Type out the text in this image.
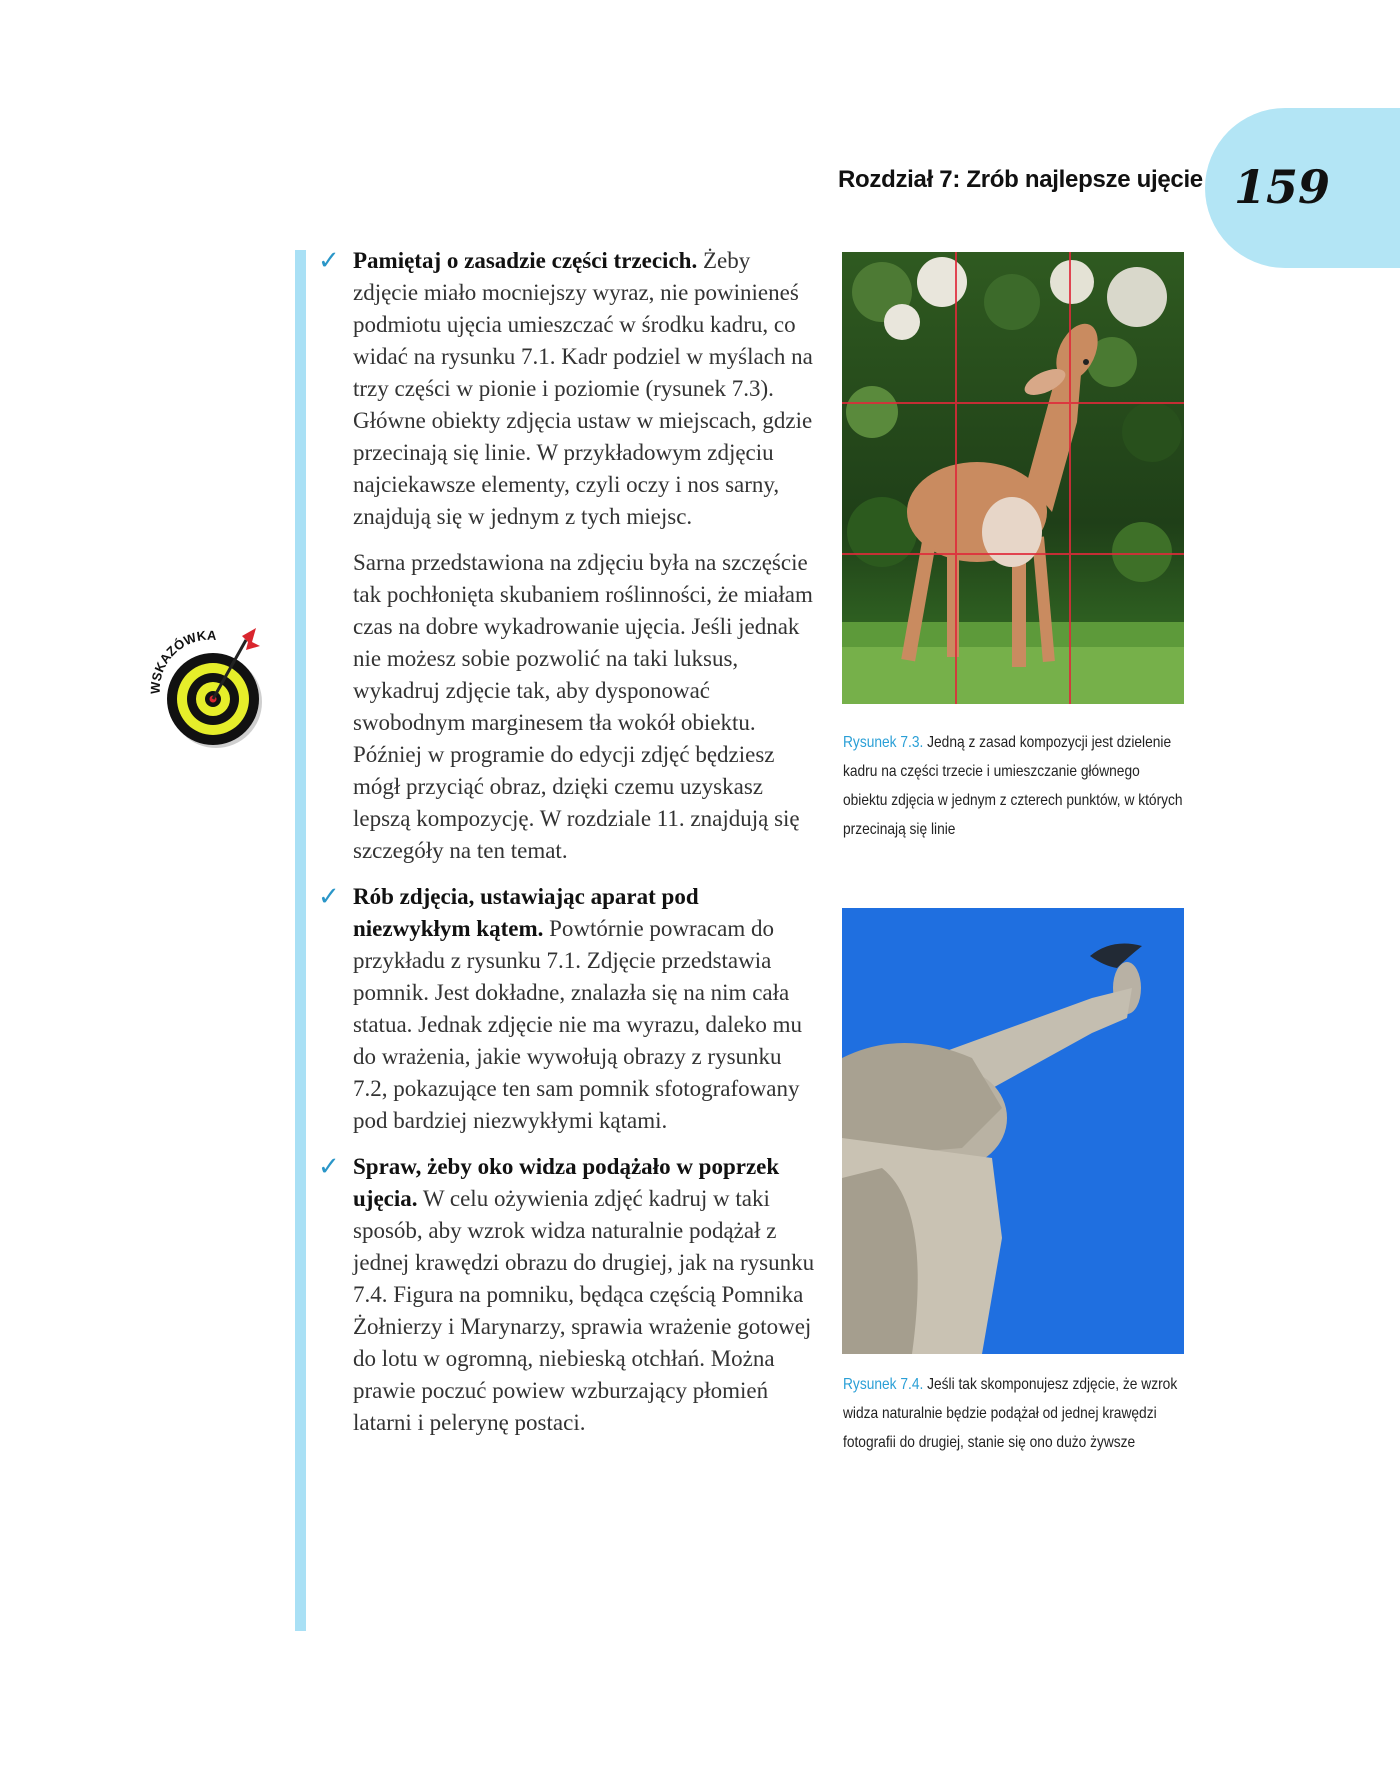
Rozdział 7: Zrób najlepsze ujęcie 159
WSKAZÓWKA
✓ Pamiętaj o zasadzie części trzecich. Żeby zdjęcie miało mocniejszy wyraz, nie powinieneś podmiotu ujęcia umieszczać w środku kadru, co widać na rysunku 7.1. Kadr podziel w myślach na trzy części w pionie i poziomie (rysunek 7.3). Główne obiekty zdjęcia ustaw w miejscach, gdzie przecinają się linie. W przykładowym zdjęciu najciekawsze elementy, czyli oczy i nos sarny, znajdują się w jednym z tych miejsc.

Sarna przedstawiona na zdjęciu była na szczęście tak pochłonięta skubaniem roślinności, że miałam czas na dobre wykadrowanie ujęcia. Jeśli jednak nie możesz sobie pozwolić na taki luksus, wykadruj zdjęcie tak, aby dysponować swobodnym marginesem tła wokół obiektu. Później w programie do edycji zdjęć będziesz mógł przyciąć obraz, dzięki czemu uzyskasz lepszą kompozycję. W rozdziale 11. znajdują się szczegóły na ten temat.

✓ Rób zdjęcia, ustawiając aparat pod niezwykłym kątem. Powtórnie powracam do przykładu z rysunku 7.1. Zdjęcie przedstawia pomnik. Jest dokładne, znalazła się na nim cała statua. Jednak zdjęcie nie ma wyrazu, daleko mu do wrażenia, jakie wywołują obrazy z rysunku 7.2, pokazujące ten sam pomnik sfotografowany pod bardziej niezwykłymi kątami.

✓ Spraw, żeby oko widza podążało w poprzek ujęcia. W celu ożywienia zdjęć kadruj w taki sposób, aby wzrok widza naturalnie podążał z jednej krawędzi obrazu do drugiej, jak na rysunku 7.4. Figura na pomniku, będąca częścią Pomnika Żołnierzy i Marynarzy, sprawia wrażenie gotowej do lotu w ogromną, niebieską otchłań. Można prawie poczuć powiew wzburzający płomień latarni i pelerynę postaci.

Rysunek 7.3. Jedną z zasad kompozycji jest dzielenie kadru na części trzecie i umieszczanie głównego obiektu zdjęcia w jednym z czterech punktów, w których przecinają się linie
Rysunek 7.4. Jeśli tak skomponujesz zdjęcie, że wzrok widza naturalnie będzie podążał od jednej krawędzi fotografii do drugiej, stanie się ono dużo żywsze
